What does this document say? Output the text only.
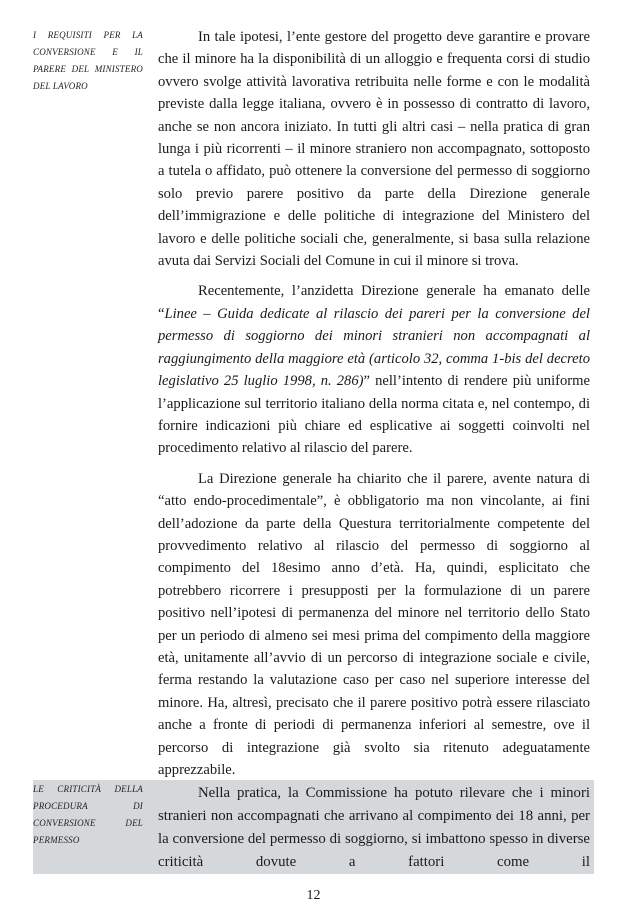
I REQUISITI PER LA CONVERSIONE E IL PARERE DEL MINISTERO DEL LAVORO

In tale ipotesi, l’ente gestore del progetto deve garantire e provare che il minore ha la disponibilità di un alloggio e frequenta corsi di studio ovvero svolge attività lavorativa retribuita nelle forme e con le modalità previste dalla legge italiana, ovvero è in possesso di contratto di lavoro, anche se non ancora iniziato. In tutti gli altri casi – nella pratica di gran lunga i più ricorrenti – il minore straniero non accompagnato, sottoposto a tutela o affidato, può ottenere la conversione del permesso di soggiorno solo previo parere positivo da parte della Direzione generale dell’immigrazione e delle politiche di integrazione del Ministero del lavoro e delle politiche sociali che, generalmente, si basa sulla relazione avuta dai Servizi Sociali del Comune in cui il minore si trova.

Recentemente, l’anzidetta Direzione generale ha emanato delle “Linee – Guida dedicate al rilascio dei pareri per la conversione del permesso di soggiorno dei minori stranieri non accompagnati al raggiungimento della maggiore età (articolo 32, comma 1-bis del decreto legislativo 25 luglio 1998, n. 286)” nell’intento di rendere più uniforme l’applicazione sul territorio italiano della norma citata e, nel contempo, di fornire indicazioni più chiare ed esplicative ai soggetti coinvolti nel procedimento relativo al rilascio del parere.

La Direzione generale ha chiarito che il parere, avente natura di “atto endo-procedimentale”, è obbligatorio ma non vincolante, ai fini dell’adozione da parte della Questura territorialmente competente del provvedimento relativo al rilascio del permesso di soggiorno al compimento del 18esimo anno d’età. Ha, quindi, esplicitato che potrebbero ricorrere i presupposti per la formulazione di un parere positivo nell’ipotesi di permanenza del minore nel territorio dello Stato per un periodo di almeno sei mesi prima del compimento della maggiore età, unitamente all’avvio di un percorso di integrazione sociale e civile, ferma restando la valutazione caso per caso nel superiore interesse del minore. Ha, altresì, precisato che il parere positivo potrà essere rilasciato anche a fronte di periodi di permanenza inferiori al semestre, ove il percorso di integrazione già svolto sia ritenuto adeguatamente apprezzabile.

LE CRITICITÀ DELLA PROCEDURA DI CONVERSIONE DEL PERMESSO

Nella pratica, la Commissione ha potuto rilevare che i minori stranieri non accompagnati che arrivano al compimento dei 18 anni, per la conversione del permesso di soggiorno, si imbattono spesso in diverse criticità dovute a fattori come il

12
